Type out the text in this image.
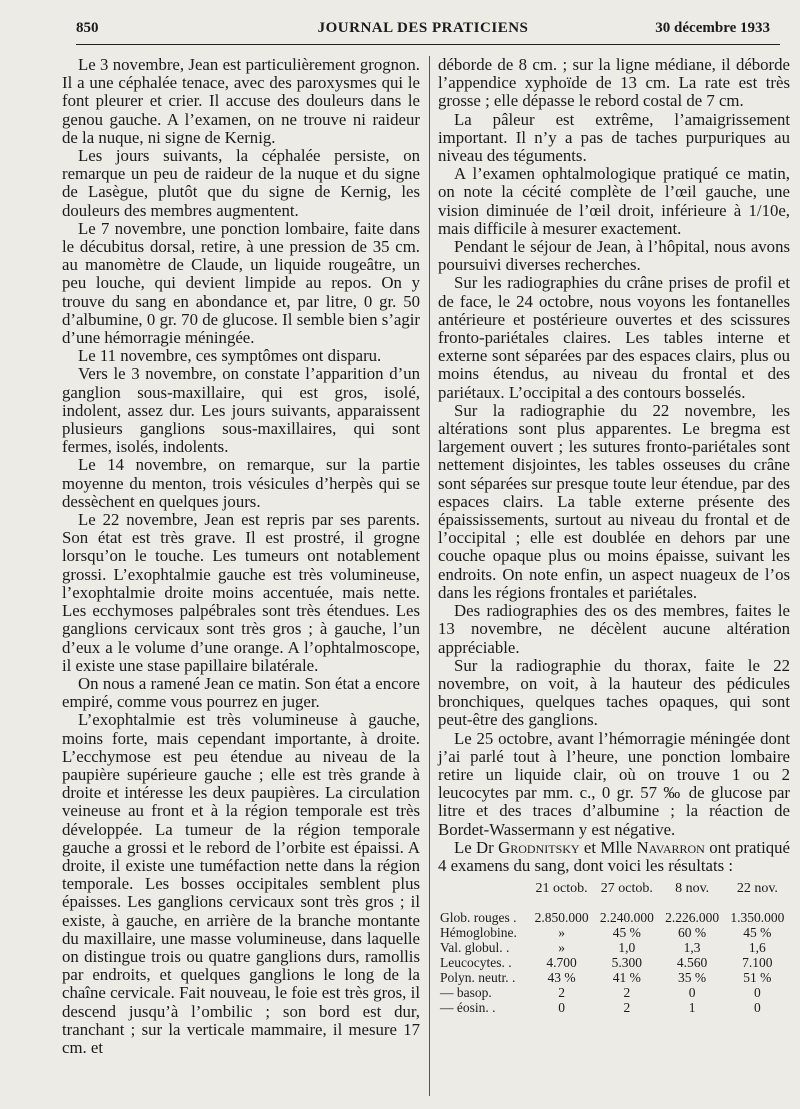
850	JOURNAL DES PRATICIENS	30 décembre 1933

Le 3 novembre, Jean est particulièrement grognon. Il a une céphalée tenace, avec des paroxysmes qui le font pleurer et crier. Il accuse des douleurs dans le genou gauche. A l’examen, on ne trouve ni raideur de la nuque, ni signe de Kernig.

Les jours suivants, la céphalée persiste, on remarque un peu de raideur de la nuque et du signe de Lasègue, plutôt que du signe de Kernig, les douleurs des membres augmentent.

Le 7 novembre, une ponction lombaire, faite dans le décubitus dorsal, retire, à une pression de 35 cm. au manomètre de Claude, un liquide rougeâtre, un peu louche, qui devient limpide au repos. On y trouve du sang en abondance et, par litre, 0 gr. 50 d’albumine, 0 gr. 70 de glucose. Il semble bien s’agir d’une hémorragie méningée.

Le 11 novembre, ces symptômes ont disparu.

Vers le 3 novembre, on constate l’apparition d’un ganglion sous-maxillaire, qui est gros, isolé, indolent, assez dur. Les jours suivants, apparaissent plusieurs ganglions sous-maxillaires, qui sont fermes, isolés, indolents.

Le 14 novembre, on remarque, sur la partie moyenne du menton, trois vésicules d’herpès qui se dessèchent en quelques jours.

Le 22 novembre, Jean est repris par ses parents. Son état est très grave. Il est prostré, il grogne lorsqu’on le touche. Les tumeurs ont notablement grossi. L’exophtalmie gauche est très volumineuse, l’exophtalmie droite moins accentuée, mais nette. Les ecchymoses palpébrales sont très étendues. Les ganglions cervicaux sont très gros ; à gauche, l’un d’eux a le volume d’une orange. A l’ophtalmoscope, il existe une stase papillaire bilatérale.

On nous a ramené Jean ce matin. Son état a encore empiré, comme vous pourrez en juger.

L’exophtalmie est très volumineuse à gauche, moins forte, mais cependant importante, à droite. L’ecchymose est peu étendue au niveau de la paupière supérieure gauche ; elle est très grande à droite et intéresse les deux paupières. La circulation veineuse au front et à la région temporale est très développée. La tumeur de la région temporale gauche a grossi et le rebord de l’orbite est épaissi. A droite, il existe une tuméfaction nette dans la région temporale. Les bosses occipitales semblent plus épaisses. Les ganglions cervicaux sont très gros ; il existe, à gauche, en arrière de la branche montante du maxillaire, une masse volumineuse, dans laquelle on distingue trois ou quatre ganglions durs, ramollis par endroits, et quelques ganglions le long de la chaîne cervicale. Fait nouveau, le foie est très gros, il descend jusqu’à l’ombilic ; son bord est dur, tranchant ; sur la verticale mammaire, il mesure 17 cm. et

déborde de 8 cm. ; sur la ligne médiane, il déborde l’appendice xyphoïde de 13 cm. La rate est très grosse ; elle dépasse le rebord costal de 7 cm.

La pâleur est extrême, l’amaigrissement important. Il n’y a pas de taches purpuriques au niveau des téguments.

A l’examen ophtalmologique pratiqué ce matin, on note la cécité complète de l’œil gauche, une vision diminuée de l’œil droit, inférieure à 1/10e, mais difficile à mesurer exactement.

Pendant le séjour de Jean, à l’hôpital, nous avons poursuivi diverses recherches.

Sur les radiographies du crâne prises de profil et de face, le 24 octobre, nous voyons les fontanelles antérieure et postérieure ouvertes et des scissures fronto-pariétales claires. Les tables interne et externe sont séparées par des espaces clairs, plus ou moins étendus, au niveau du frontal et des pariétaux. L’occipital a des contours bosselés.

Sur la radiographie du 22 novembre, les altérations sont plus apparentes. Le bregma est largement ouvert ; les sutures fronto-pariétales sont nettement disjointes, les tables osseuses du crâne sont séparées sur presque toute leur étendue, par des espaces clairs. La table externe présente des épaississements, surtout au niveau du frontal et de l’occipital ; elle est doublée en dehors par une couche opaque plus ou moins épaisse, suivant les endroits. On note enfin, un aspect nuageux de l’os dans les régions frontales et pariétales.

Des radiographies des os des membres, faites le 13 novembre, ne décèlent aucune altération appréciable.

Sur la radiographie du thorax, faite le 22 novembre, on voit, à la hauteur des pédicules bronchiques, quelques taches opaques, qui sont peut-être des ganglions.

Le 25 octobre, avant l’hémorragie méningée dont j’ai parlé tout à l’heure, une ponction lombaire retire un liquide clair, où on trouve 1 ou 2 leucocytes par mm. c., 0 gr. 57 ‰ de glucose par litre et des traces d’albumine ; la réaction de Bordet-Wassermann y est négative.

Le Dr Grodnitsky et Mlle Navarron ont pratiqué 4 examens du sang, dont voici les résultats :

	21 octob.	27 octob.	8 nov.	22 nov.
Glob. rouges .	2.850.000	2.240.000	2.226.000	1.350.000
Hémoglobine.	»	45 %	60 %	45 %
Val. globul. .	»	1,0	1,3	1,6
Leucocytes. .	4.700	5.300	4.560	7.100
Polyn. neutr. .	43 %	41 %	35 %	51 %
— basop.	2	2	0	0
— éosin. .	0	2	1	0
